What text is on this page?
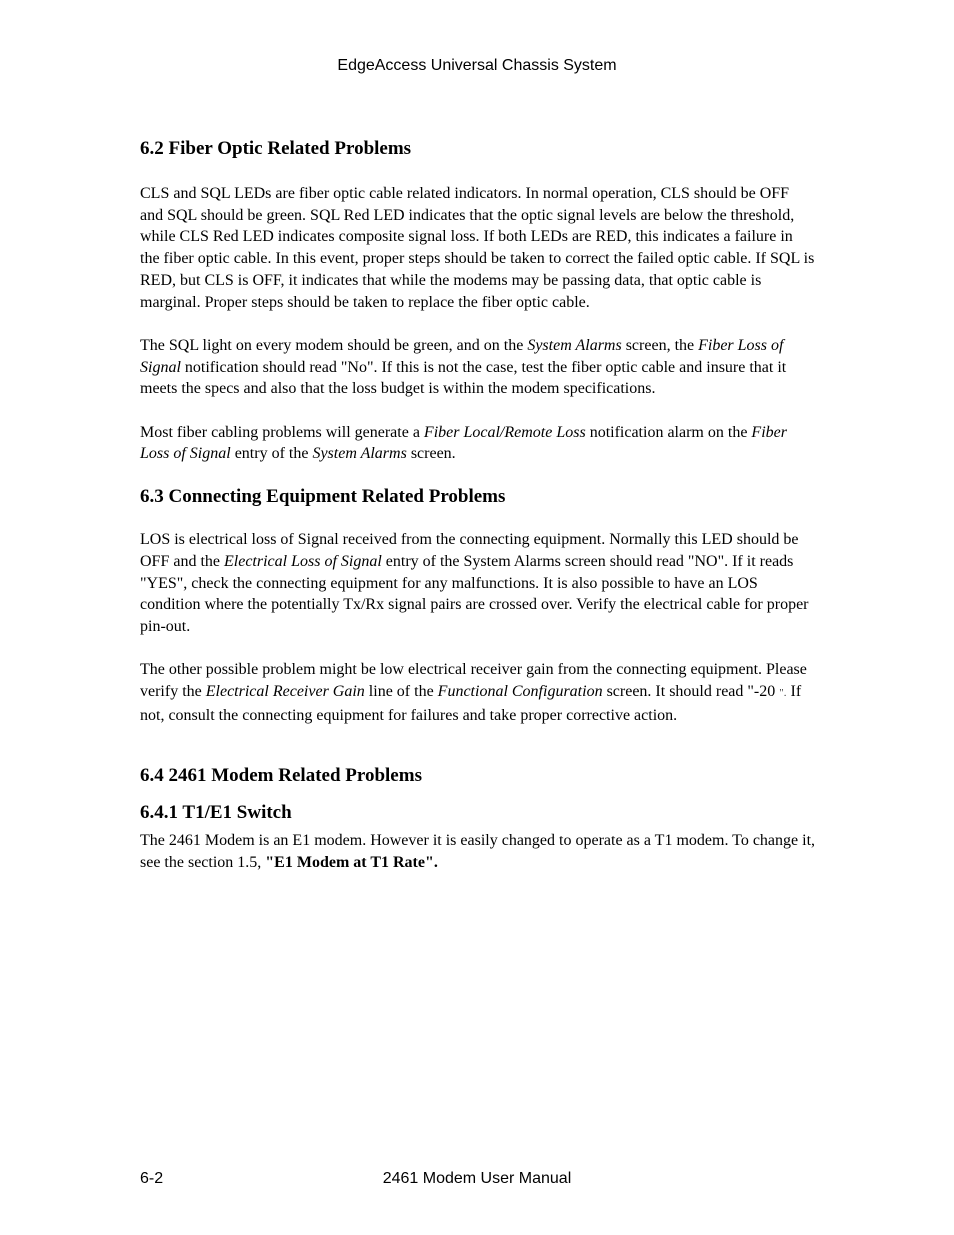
EdgeAccess Universal Chassis System
6.2 Fiber Optic Related Problems

CLS and SQL LEDs are fiber optic cable related indicators. In normal operation, CLS should be OFF and SQL should be green. SQL Red LED indicates that the optic signal levels are below the threshold, while CLS Red LED indicates composite signal loss. If both LEDs are RED, this indicates a failure in the fiber optic cable. In this event, proper steps should be taken to correct the failed optic cable. If SQL is RED, but CLS is OFF, it indicates that while the modems may be passing data, that optic cable is marginal. Proper steps should be taken to replace the fiber optic cable.

The SQL light on every modem should be green, and on the System Alarms screen, the Fiber Loss of Signal notification should read "No". If this is not the case, test the fiber optic cable and insure that it meets the specs and also that the loss budget is within the modem specifications.

Most fiber cabling problems will generate a Fiber Local/Remote Loss notification alarm on the Fiber Loss of Signal entry of the System Alarms screen.

6.3 Connecting Equipment Related Problems

LOS is electrical loss of Signal received from the connecting equipment. Normally this LED should be OFF and the Electrical Loss of Signal entry of the System Alarms screen should read "NO". If it reads "YES", check the connecting equipment for any malfunctions. It is also possible to have an LOS condition where the potentially Tx/Rx signal pairs are crossed over. Verify the electrical cable for proper pin-out.

The other possible problem might be low electrical receiver gain from the connecting equipment. Please verify the Electrical Receiver Gain line of the Functional Configuration screen. It should read "-20 ". If not, consult the connecting equipment for failures and take proper corrective action.

6.4 2461 Modem Related Problems
6.4.1 T1/E1 Switch

The 2461 Modem is an E1 modem. However it is easily changed to operate as a T1 modem. To change it, see the section 1.5, "E1 Modem at T1 Rate".

6-2	2461 Modem User Manual
